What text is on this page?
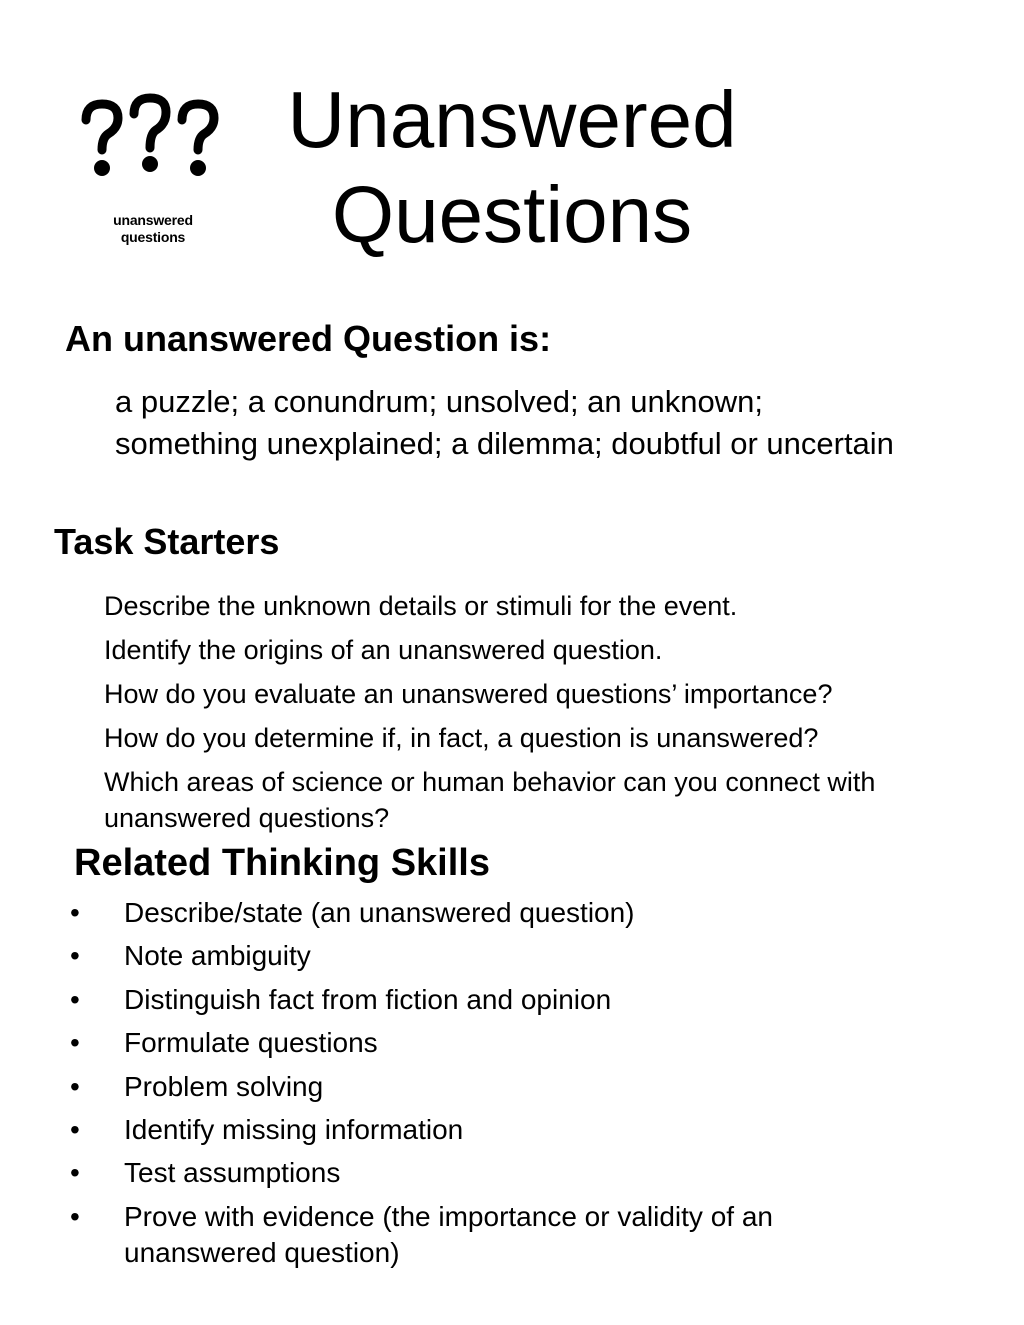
unanswered
questions
Unanswered
Questions
An unanswered Question is:
a puzzle; a conundrum; unsolved; an unknown;
something unexplained; a dilemma; doubtful or uncertain
Task Starters
Describe the unknown details or stimuli for the event.
Identify the origins of an unanswered question.
How do you evaluate an unanswered questions’ importance?
How do you determine if, in fact, a question is unanswered?
Which areas of science or human behavior can you connect with unanswered questions?
Related Thinking Skills
•	Describe/state (an unanswered question)
•	Note ambiguity
•	Distinguish fact from fiction and opinion
•	Formulate questions
•	Problem solving
•	Identify missing information
•	Test assumptions
•	Prove with evidence (the importance or validity of an unanswered question)
